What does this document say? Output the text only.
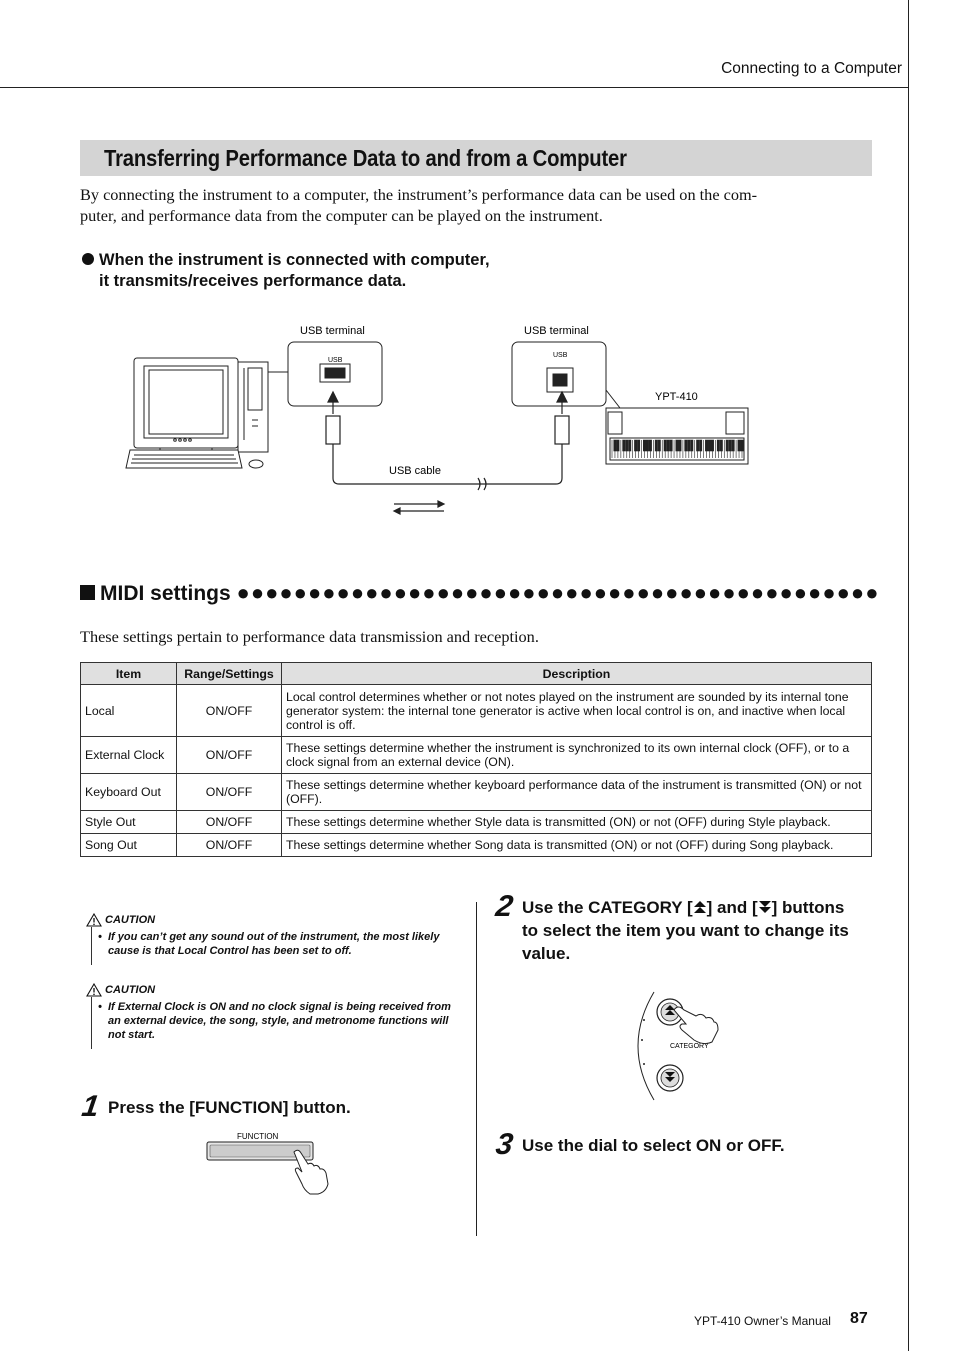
Connecting to a Computer
Transferring Performance Data to and from a Computer
By connecting the instrument to a computer, the instrument’s performance data can be used on the com-
puter, and performance data from the computer can be played on the instrument.
When the instrument is connected with computer,
it transmits/receives performance data.
USB terminal	USB terminal
YPT-410
USB cable
USB
USB
MIDI settings ●●●●●●●●●●●●●●●●●●●●●●●●●●●●●●●●●●●●●●●●●●●●●
These settings pertain to performance data transmission and reception.
Item	Range/Settings	Description
Local	ON/OFF	Local control determines whether or not notes played on the instrument are sounded by its internal tone generator system: the internal tone generator is active when local control is on, and inactive when local control is off.
External Clock	ON/OFF	These settings determine whether the instrument is synchronized to its own internal clock (OFF), or to a clock signal from an external device (ON).
Keyboard Out	ON/OFF	These settings determine whether keyboard performance data of the instrument is transmitted (ON) or not (OFF).
Style Out	ON/OFF	These settings determine whether Style data is transmitted (ON) or not (OFF) during Style playback.
Song Out	ON/OFF	These settings determine whether Song data is transmitted (ON) or not (OFF) during Song playback.
CAUTION
• If you can’t get any sound out of the instrument, the most likely
cause is that Local Control has been set to off.
CAUTION
• If External Clock is ON and no clock signal is being received from
an external device, the song, style, and metronome functions will
not start.
1 Press the [FUNCTION] button.
FUNCTION
2 Use the CATEGORY [ ] and [ ] buttons
to select the item you want to change its
value.
CATEGORY
3 Use the dial to select ON or OFF.
YPT-410 Owner’s Manual 87
